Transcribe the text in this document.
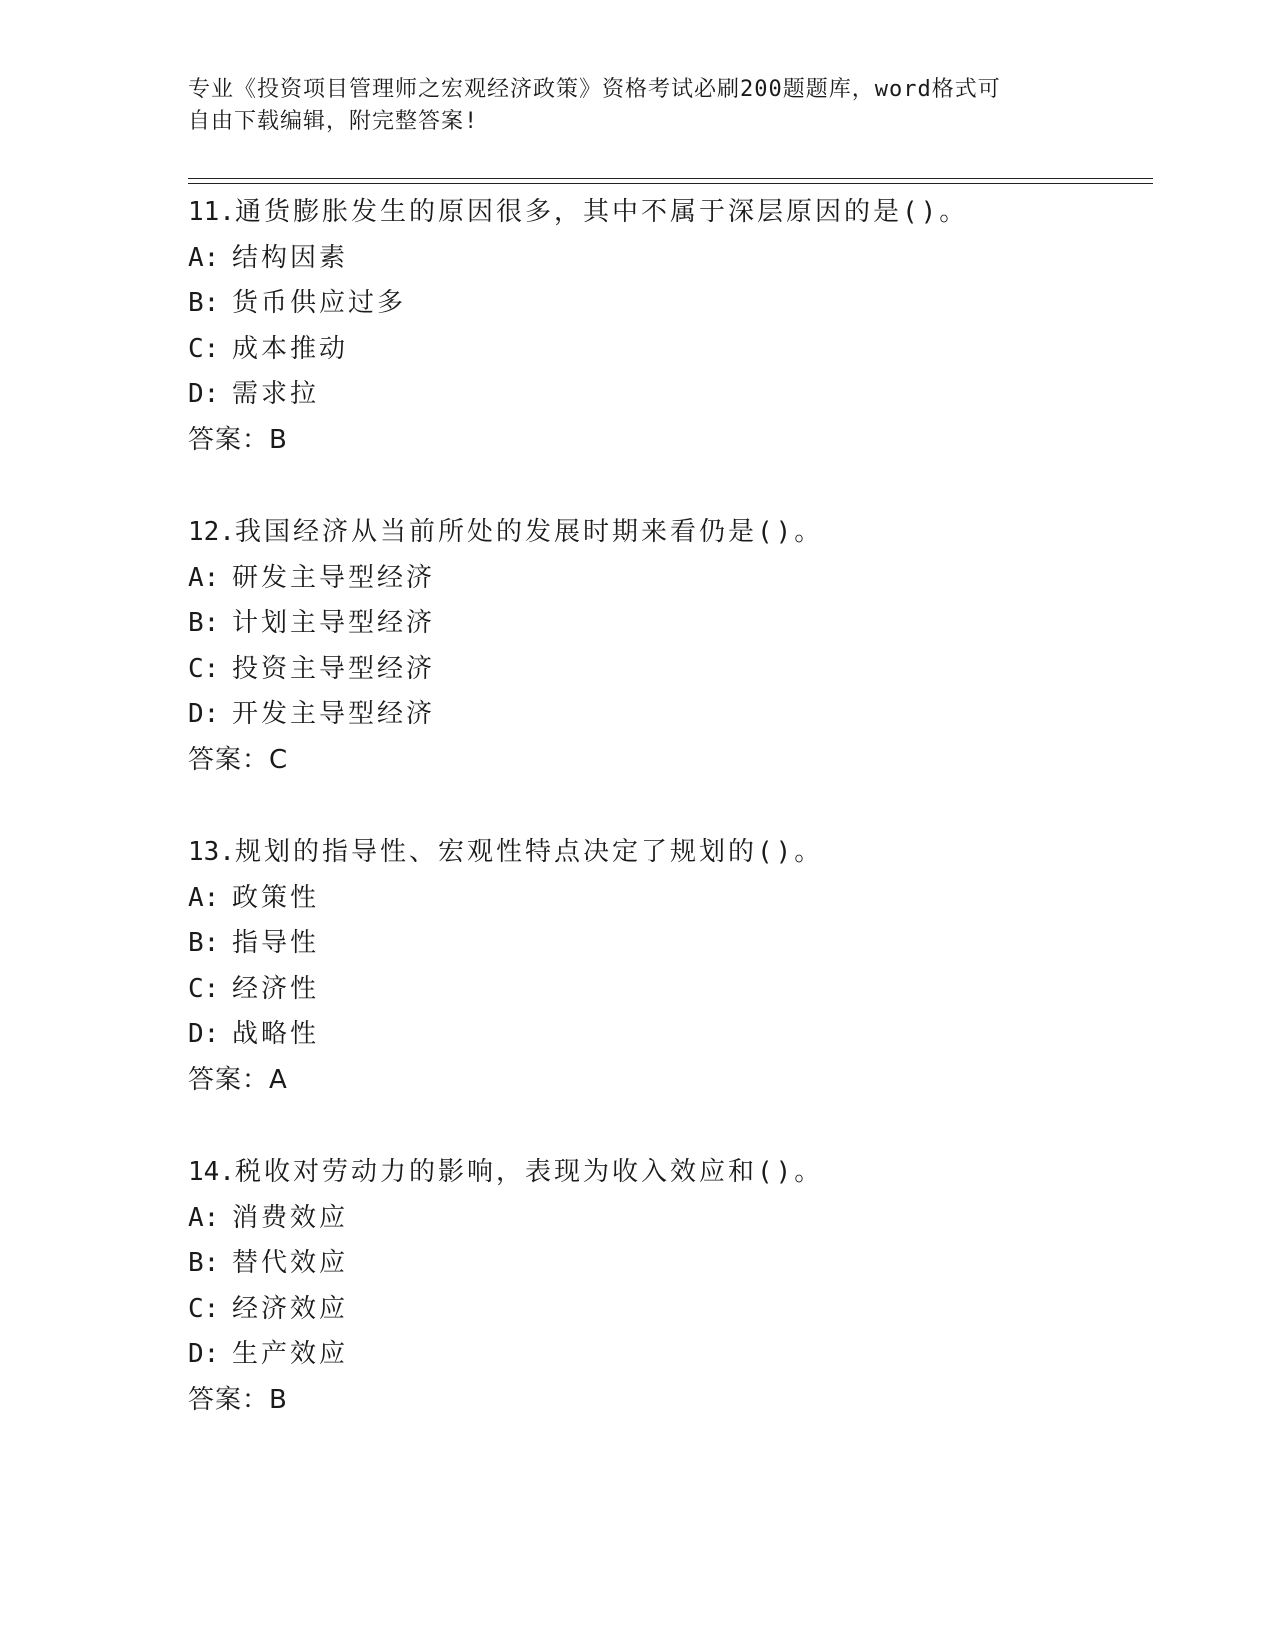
专业《投资项目管理师之宏观经济政策》资格考试必刷200题题库，word格式可
自由下载编辑，附完整答案!
11.通货膨胀发生的原因很多，其中不属于深层原因的是()。
A: 结构因素
B: 货币供应过多
C: 成本推动
D: 需求拉
答案：B
12.我国经济从当前所处的发展时期来看仍是()。
A: 研发主导型经济
B: 计划主导型经济
C: 投资主导型经济
D: 开发主导型经济
答案：C
13.规划的指导性、宏观性特点决定了规划的()。
A: 政策性
B: 指导性
C: 经济性
D: 战略性
答案：A
14.税收对劳动力的影响，表现为收入效应和()。
A: 消费效应
B: 替代效应
C: 经济效应
D: 生产效应
答案：B
